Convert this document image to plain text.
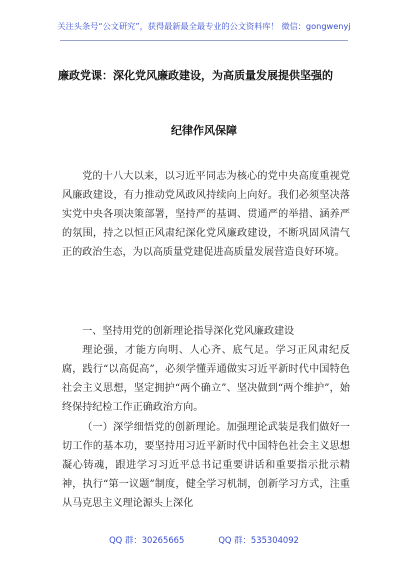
关注头条号“公文研究”，获得最新最全最专业的公文资料库！ 微信：gongwenyj
廉政党课：深化党风廉政建设，为高质量发展提供坚强的
纪律作风保障

党的十八大以来，以习近平同志为核心的党中央高度重视党风廉政建设，有力推动党风政风持续向上向好。我们必须坚决落实党中央各项决策部署，坚持严的基调、贯通严的举措、涵养严的氛围，持之以恒正风肃纪深化党风廉政建设，不断巩固风清气正的政治生态，为以高质量党建促进高质量发展营造良好环境。

一、坚持用党的创新理论指导深化党风廉政建设

理论强，才能方向明、人心齐、底气足。学习正风肃纪反腐，践行“以高促高”，必须学懂弄通做实习近平新时代中国特色社会主义思想，坚定拥护“两个确立”、坚决做到“两个维护”，始终保持纪检工作正确政治方向。

（一）深学细悟党的创新理论。加强理论武装是我们做好一切工作的基本功，要坚持用习近平新时代中国特色社会主义思想凝心铸魂，跟进学习习近平总书记重要讲话和重要指示批示精神，执行“第一议题”制度，健全学习机制，创新学习方式，注重从马克思主义理论源头上深化

QQ 群：30265665	QQ 群：535304092
